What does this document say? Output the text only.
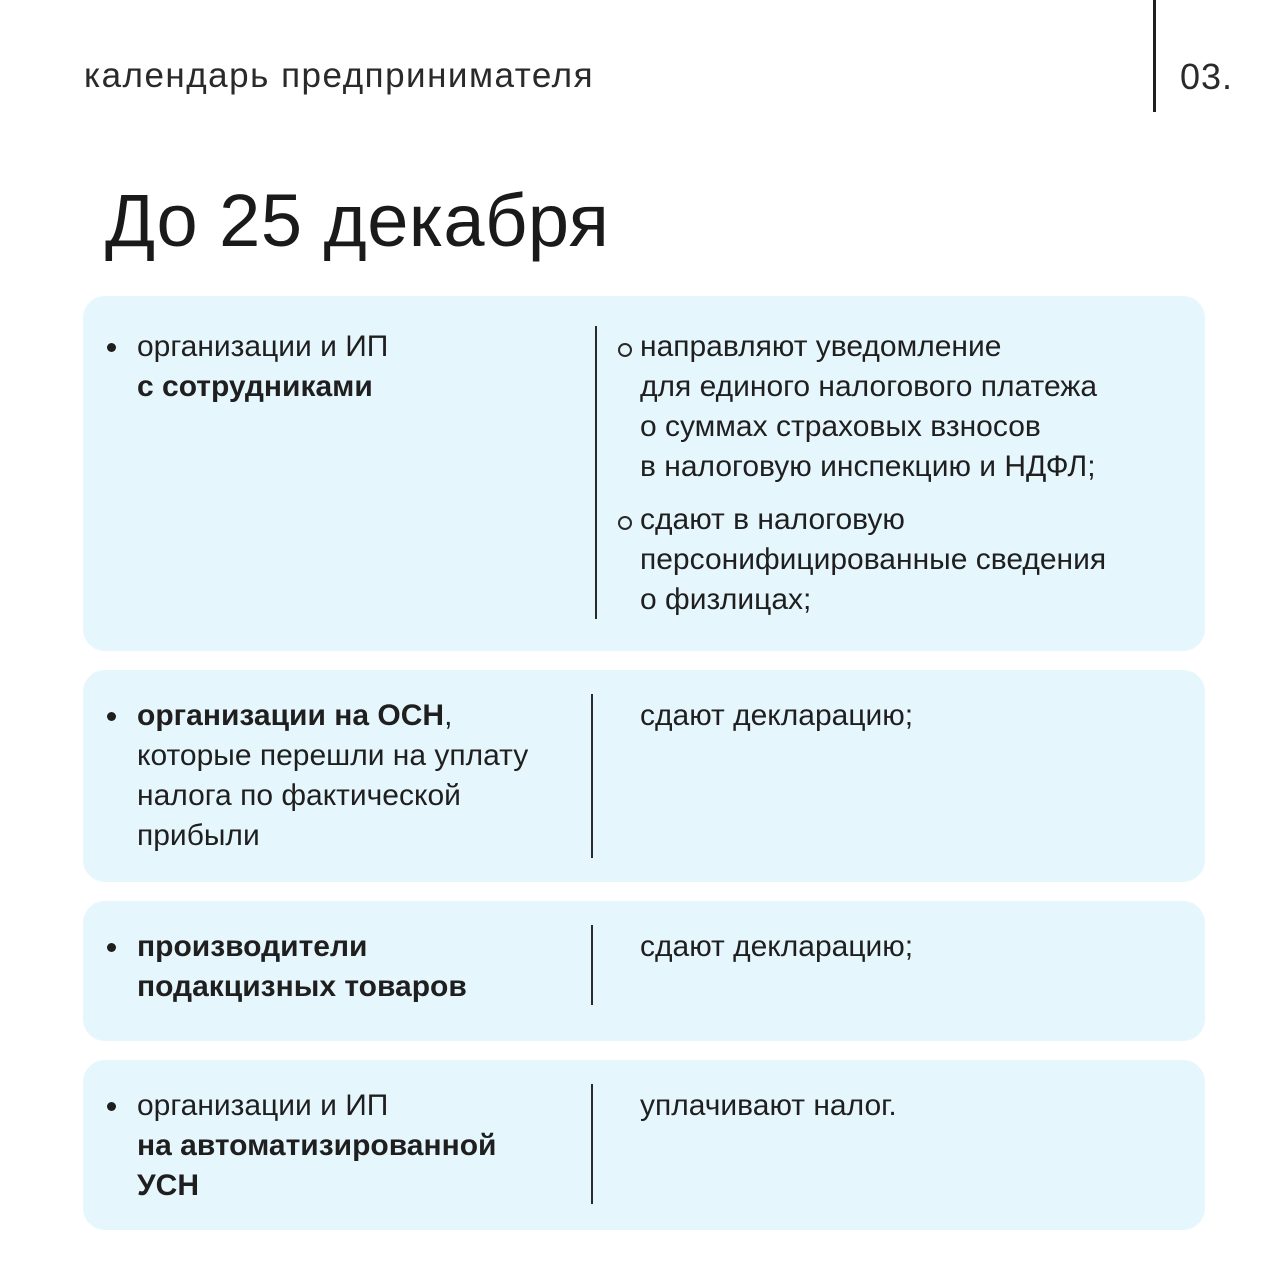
календарь предпринимателя	03.
До 25 декабря
организации и ИП
с сотрудниками
направляют уведомление
для единого налогового платежа
о суммах страховых взносов
в налоговую инспекцию и НДФЛ;
сдают в налоговую
персонифицированные сведения
о физлицах;
организации на ОСН,
которые перешли на уплату
налога по фактической
прибыли
сдают декларацию;
производители
подакцизных товаров
сдают декларацию;
организации и ИП
на автоматизированной
УСН
уплачивают налог.
